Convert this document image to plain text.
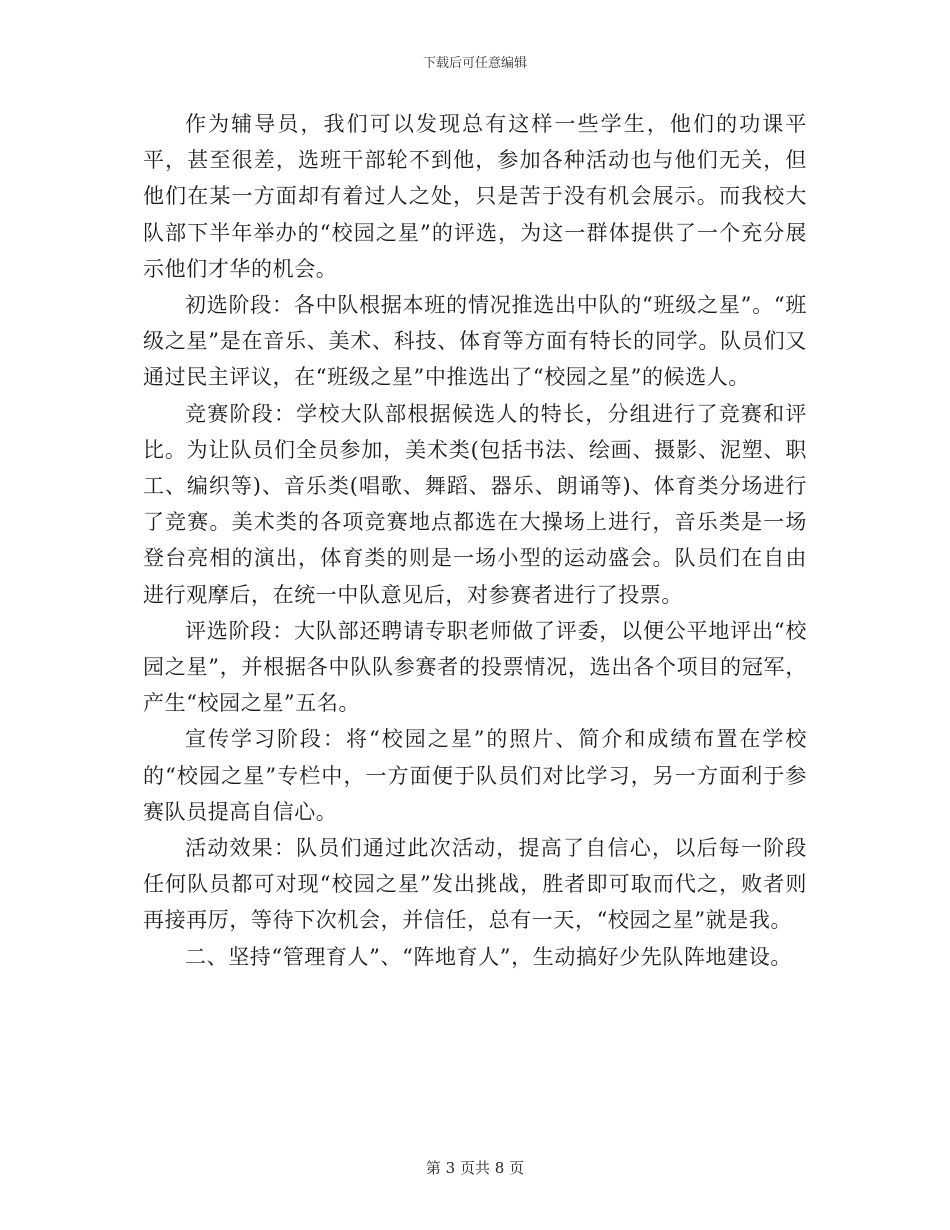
下载后可任意编辑

作为辅导员，我们可以发现总有这样一些学生，他们的功课平平，甚至很差，选班干部轮不到他，参加各种活动也与他们无关，但他们在某一方面却有着过人之处，只是苦于没有机会展示。而我校大队部下半年举办的“校园之星”的评选，为这一群体提供了一个充分展示他们才华的机会。

初选阶段：各中队根据本班的情况推选出中队的“班级之星”。“班级之星”是在音乐、美术、科技、体育等方面有特长的同学。队员们又通过民主评议，在“班级之星”中推选出了“校园之星”的候选人。

竞赛阶段：学校大队部根据候选人的特长，分组进行了竞赛和评比。为让队员们全员参加，美术类(包括书法、绘画、摄影、泥塑、职工、编织等)、音乐类(唱歌、舞蹈、器乐、朗诵等)、体育类分场进行了竞赛。美术类的各项竞赛地点都选在大操场上进行，音乐类是一场登台亮相的演出，体育类的则是一场小型的运动盛会。队员们在自由进行观摩后，在统一中队意见后，对参赛者进行了投票。

评选阶段：大队部还聘请专职老师做了评委，以便公平地评出“校园之星”，并根据各中队队参赛者的投票情况，选出各个项目的冠军，产生“校园之星”五名。

宣传学习阶段：将“校园之星”的照片、简介和成绩布置在学校的“校园之星”专栏中，一方面便于队员们对比学习，另一方面利于参赛队员提高自信心。

活动效果：队员们通过此次活动，提高了自信心，以后每一阶段任何队员都可对现“校园之星”发出挑战，胜者即可取而代之，败者则再接再厉，等待下次机会，并信任，总有一天，“校园之星”就是我。

二、坚持“管理育人”、“阵地育人”，生动搞好少先队阵地建设。

第 3 页共 8 页
